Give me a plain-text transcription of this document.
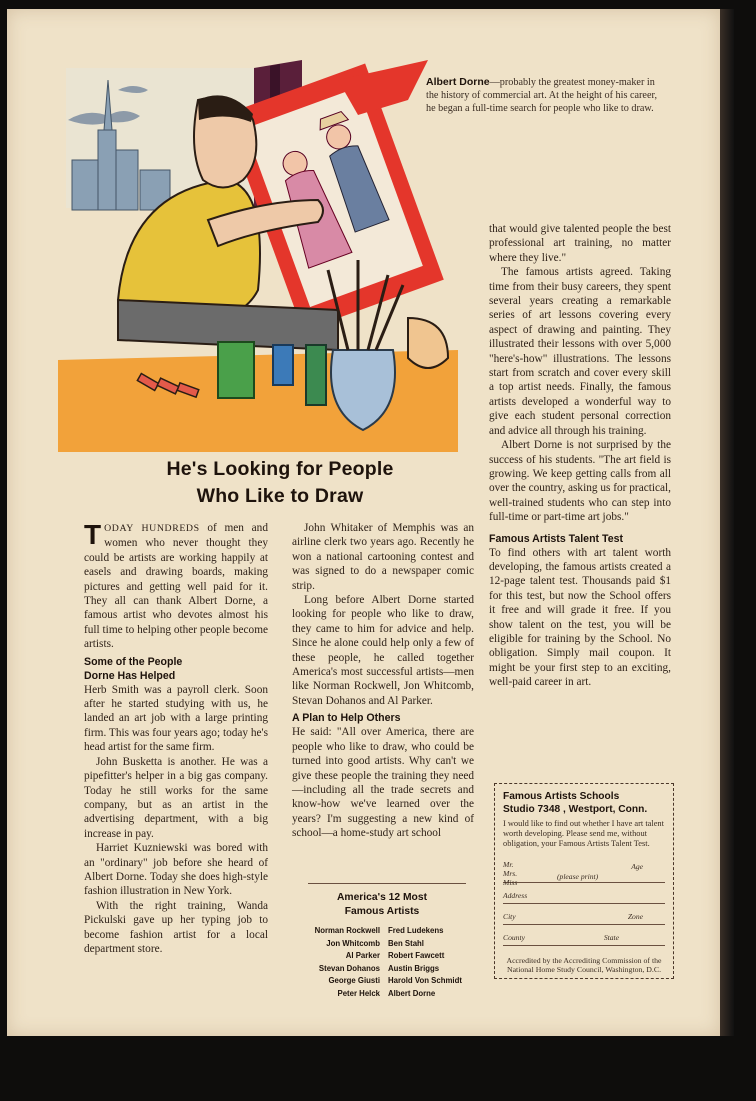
Albert Dorne—probably the greatest money-maker in the history of commercial art. At the height of his career, he began a full-time search for people who like to draw.
He's Looking for People
Who Like to Draw

TODAY HUNDREDS of men and women who never thought they could be artists are working happily at easels and drawing boards, making pictures and getting well paid for it. They all can thank Albert Dorne, a famous artist who devotes almost his full time to helping other people become artists.

Some of the People
Dorne Has Helped

Herb Smith was a payroll clerk. Soon after he started studying with us, he landed an art job with a large printing firm. This was four years ago; today he's head artist for the same firm.

John Busketta is another. He was a pipefitter's helper in a big gas company. Today he still works for the same company, but as an artist in the advertising department, with a big increase in pay.

Harriet Kuzniewski was bored with an "ordinary" job before she heard of Albert Dorne. Today she does high-style fashion illustration in New York.

With the right training, Wanda Pickulski gave up her typing job to become fashion artist for a local department store.

John Whitaker of Memphis was an airline clerk two years ago. Recently he won a national cartooning contest and was signed to do a newspaper comic strip.

Long before Albert Dorne started looking for people who like to draw, they came to him for advice and help. Since he alone could help only a few of these people, he called together America's most successful artists—men like Norman Rockwell, Jon Whitcomb, Stevan Dohanos and Al Parker.

A Plan to Help Others

He said: "All over America, there are people who like to draw, who could be turned into good artists. Why can't we give these people the training they need—including all the trade secrets and know-how we've learned over the years? I'm suggesting a new kind of school—a home-study art school

America's 12 Most
Famous Artists
Norman Rockwell	Fred Ludekens
Jon Whitcomb	Ben Stahl
Al Parker	Robert Fawcett
Stevan Dohanos	Austin Briggs
George Giusti	Harold Von Schmidt
Peter Helck	Albert Dorne

that would give talented people the best professional art training, no matter where they live."

The famous artists agreed. Taking time from their busy careers, they spent several years creating a remarkable series of art lessons covering every aspect of drawing and painting. They illustrated their lessons with over 5,000 "here's-how" illustrations. The lessons start from scratch and cover every skill a top artist needs. Finally, the famous artists developed a wonderful way to give each student personal correction and advice all through his training.

Albert Dorne is not surprised by the success of his students. "The art field is growing. We keep getting calls from all over the country, asking us for practical, well-trained students who can step into full-time or part-time art jobs."

Famous Artists Talent Test

To find others with art talent worth developing, the famous artists created a 12-page talent test. Thousands paid $1 for this test, but now the School offers it free and will grade it free. If you show talent on the test, you will be eligible for training by the School. No obligation. Simply mail coupon. It might be your first step to an exciting, well-paid career in art.

Famous Artists Schools
Studio 7348 , Westport, Conn.
I would like to find out whether I have art talent worth developing. Please send me, without obligation, your Famous Artists Talent Test.
Mr. Mrs. Miss
(please print)
Age
Address
City	Zone
County	State
Accredited by the Accrediting Commission of the National Home Study Council, Washington, D.C.
